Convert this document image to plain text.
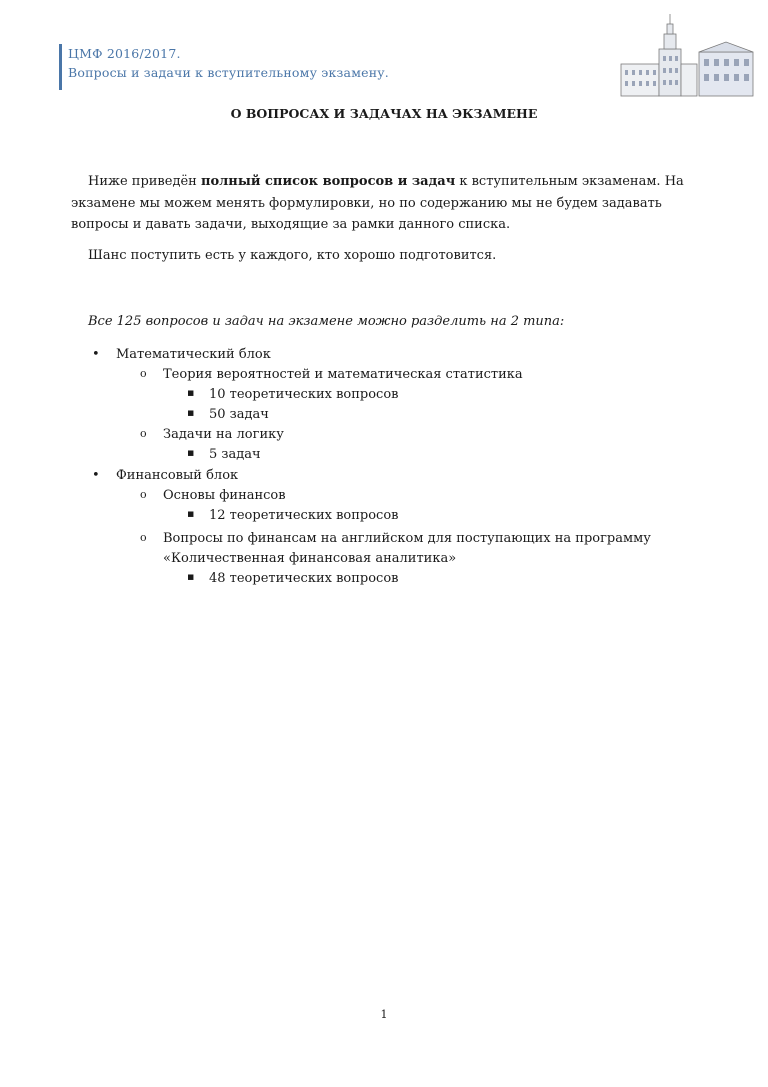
ЦМФ 2016/2017.
Вопросы и задачи к вступительному экзамену.
О ВОПРОСАХ И ЗАДАЧАХ НА ЭКЗАМЕНЕ
Ниже приведён полный список вопросов и задач к вступительным экзаменам. На экзамене мы можем менять формулировки, но по содержанию мы не будем задавать вопросы и давать задачи, выходящие за рамки данного списка.
Шанс поступить есть у каждого, кто хорошо подготовится.
Все 125 вопросов и задач на экзамене можно разделить на 2 типа:
• Математический блок
o Теория вероятностей и математическая статистика
▪ 10 теоретических вопросов
▪ 50 задач
o Задачи на логику
▪ 5 задач
• Финансовый блок
o Основы финансов
▪ 12 теоретических вопросов
o Вопросы по финансам на английском для поступающих на программу
«Количественная финансовая аналитика»
▪ 48 теоретических вопросов
1
